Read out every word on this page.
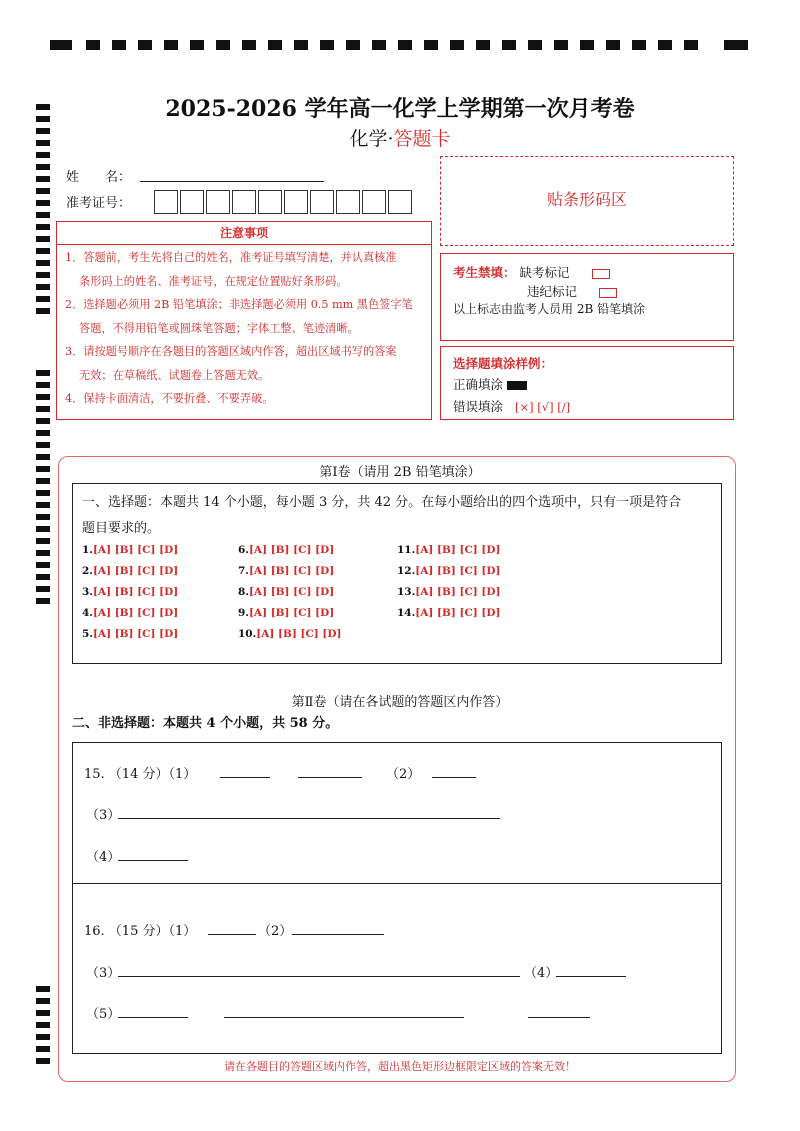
2025-2026 学年高一化学上学期第一次月考卷
化学·答题卡
姓　　名：
准考证号：	贴条形码区
注意事项
1．答题前，考生先将自己的姓名，准考证号填写清楚，并认真核准
条形码上的姓名、准考证号，在规定位置贴好条形码。
2．选择题必须用 2B 铅笔填涂；非选择题必须用 0.5 mm 黑色签字笔
答题，不得用铅笔或圆珠笔答题；字体工整、笔迹清晰。
3．请按题号顺序在各题目的答题区域内作答，超出区域书写的答案
无效；在草稿纸、试题卷上答题无效。
4．保持卡面清洁，不要折叠、不要弄破。
考生禁填： 缺考标记
违纪标记
以上标志由监考人员用 2B 铅笔填涂
选择题填涂样例：
正确填涂
错误填涂 [×] [√] [/]
第Ⅰ卷（请用 2B 铅笔填涂）
一、选择题：本题共 14 个小题，每小题 3 分，共 42 分。在每小题给出的四个选项中，只有一项是符合
题目要求的。
1.[A] [B] [C] [D]
2.[A] [B] [C] [D]
3.[A] [B] [C] [D]
4.[A] [B] [C] [D]
5.[A] [B] [C] [D]
6.[A] [B] [C] [D]
7.[A] [B] [C] [D]
8.[A] [B] [C] [D]
9.[A] [B] [C] [D]
10.[A] [B] [C] [D]
11.[A] [B] [C] [D]
12.[A] [B] [C] [D]
13.[A] [B] [C] [D]
14.[A] [B] [C] [D]
第Ⅱ卷（请在各试题的答题区内作答）
二、非选择题：本题共 4 个小题，共 58 分。
15. （14 分）（1）	（2）
（3）
（4）
16. （15 分）（1）	（2）
（3）	（4）
（5）
请在各题目的答题区域内作答，超出黑色矩形边框限定区域的答案无效！
